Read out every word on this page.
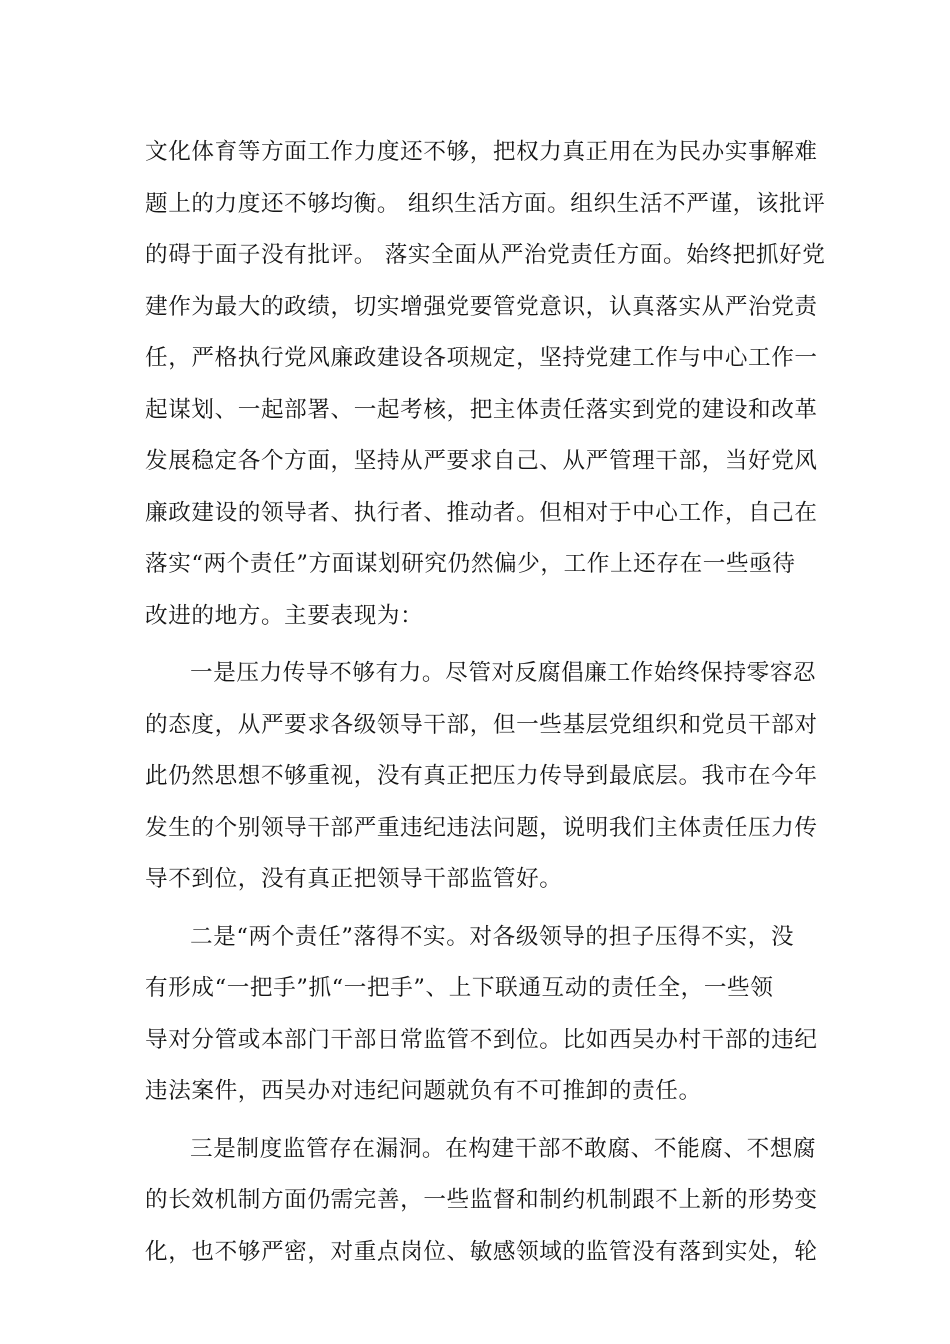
文化体育等方面工作力度还不够，把权力真正用在为民办实事解难
题上的力度还不够均衡。 组织生活方面。组织生活不严谨，该批评
的碍于面子没有批评。 落实全面从严治党责任方面。始终把抓好党
建作为最大的政绩，切实增强党要管党意识，认真落实从严治党责
任，严格执行党风廉政建设各项规定，坚持党建工作与中心工作一
起谋划、一起部署、一起考核，把主体责任落实到党的建设和改革
发展稳定各个方面，坚持从严要求自己、从严管理干部，当好党风
廉政建设的领导者、执行者、推动者。但相对于中心工作，自己在
落实“两个责任”方面谋划研究仍然偏少，工作上还存在一些亟待
改进的地方。主要表现为：
一是压力传导不够有力。尽管对反腐倡廉工作始终保持零容忍
的态度，从严要求各级领导干部，但一些基层党组织和党员干部对
此仍然思想不够重视，没有真正把压力传导到最底层。我市在今年
发生的个别领导干部严重违纪违法问题，说明我们主体责任压力传
导不到位，没有真正把领导干部监管好。
二是“两个责任”落得不实。对各级领导的担子压得不实，没
有形成“一把手”抓“一把手”、上下联通互动的责任全，一些领
导对分管或本部门干部日常监管不到位。比如西吴办村干部的违纪
违法案件，西吴办对违纪问题就负有不可推卸的责任。
三是制度监管存在漏洞。在构建干部不敢腐、不能腐、不想腐
的长效机制方面仍需完善，一些监督和制约机制跟不上新的形势变
化，也不够严密，对重点岗位、敏感领域的监管没有落到实处，轮
